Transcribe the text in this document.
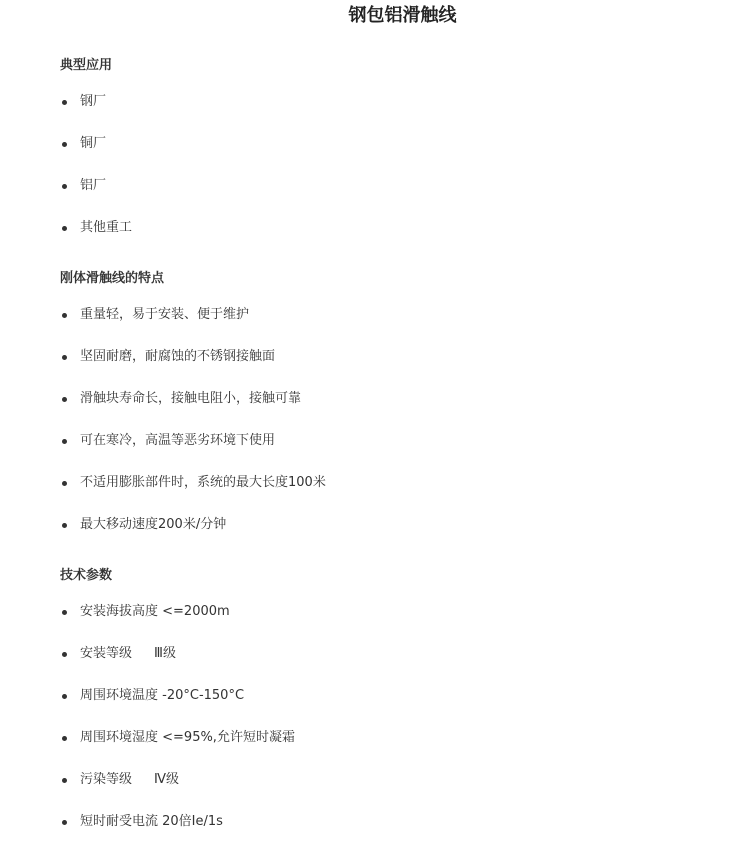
钢包铝滑触线
典型应用
钢厂
铜厂
铝厂
其他重工
刚体滑触线的特点
重量轻，易于安装、便于维护
坚固耐磨，耐腐蚀的不锈钢接触面
滑触块寿命长，接触电阻小，接触可靠
可在寒冷，高温等恶劣环境下使用
不适用膨胀部件时，系统的最大长度100米
最大移动速度200米/分钟
技术参数
安装海拔高度 <=2000m
安装等级 Ⅲ级
周围环境温度 -20°C-150°C
周围环境湿度 <=95%,允许短时凝霜
污染等级 Ⅳ级
短时耐受电流 20倍Ie/1s
